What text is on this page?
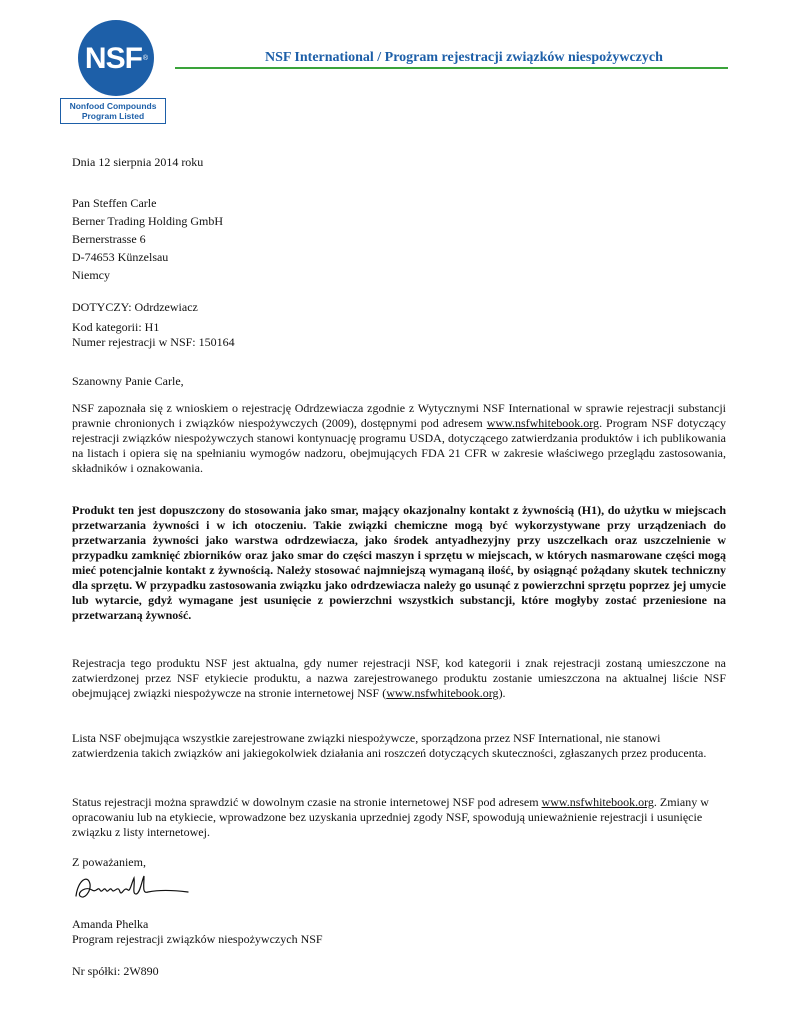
NSF ®
Nonfood Compounds
Program Listed
NSF International / Program rejestracji związków niespożywczych
Dnia 12 sierpnia 2014 roku
Pan Steffen Carle
Berner Trading Holding GmbH
Bernerstrasse 6
D-74653 Künzelsau
Niemcy
DOTYCZY: Odrdzewiacz
Kod kategorii: H1
Numer rejestracji w NSF: 150164
Szanowny Panie Carle,
NSF zapoznała się z wnioskiem o rejestrację Odrdzewiacza zgodnie z Wytycznymi NSF International w sprawie rejestracji substancji prawnie chronionych i związków niespożywczych (2009), dostępnymi pod adresem www.nsfwhitebook.org. Program NSF dotyczący rejestracji związków niespożywczych stanowi kontynuację programu USDA, dotyczącego zatwierdzania produktów i ich publikowania na listach i opiera się na spełnianiu wymogów nadzoru, obejmujących FDA 21 CFR w zakresie właściwego przeglądu zastosowania, składników i oznakowania.
Produkt ten jest dopuszczony do stosowania jako smar, mający okazjonalny kontakt z żywnością (H1), do użytku w miejscach przetwarzania żywności i w ich otoczeniu. Takie związki chemiczne mogą być wykorzystywane przy urządzeniach do przetwarzania żywności jako warstwa odrdzewiacza, jako środek antyadhezyjny przy uszczelkach oraz uszczelnienie w przypadku zamknięć zbiorników oraz jako smar do części maszyn i sprzętu w miejscach, w których nasmarowane części mogą mieć potencjalnie kontakt z żywnością. Należy stosować najmniejszą wymaganą ilość, by osiągnąć pożądany skutek techniczny dla sprzętu. W przypadku zastosowania związku jako odrdzewiacza należy go usunąć z powierzchni sprzętu poprzez jej umycie lub wytarcie, gdyż wymagane jest usunięcie z powierzchni wszystkich substancji, które mogłyby zostać przeniesione na przetwarzaną żywność.
Rejestracja tego produktu NSF jest aktualna, gdy numer rejestracji NSF, kod kategorii i znak rejestracji zostaną umieszczone na zatwierdzonej przez NSF etykiecie produktu, a nazwa zarejestrowanego produktu zostanie umieszczona na aktualnej liście NSF obejmującej związki niespożywcze na stronie internetowej NSF (www.nsfwhitebook.org).
Lista NSF obejmująca wszystkie zarejestrowane związki niespożywcze, sporządzona przez NSF International, nie stanowi zatwierdzenia takich związków ani jakiegokolwiek działania ani roszczeń dotyczących skuteczności, zgłaszanych przez producenta.
Status rejestracji można sprawdzić w dowolnym czasie na stronie internetowej NSF pod adresem www.nsfwhitebook.org. Zmiany w opracowaniu lub na etykiecie, wprowadzone bez uzyskania uprzedniej zgody NSF, spowodują unieważnienie rejestracji i usunięcie związku z listy internetowej.
Z poważaniem,
Amanda Phelka
Program rejestracji związków niespożywczych NSF
Nr spółki: 2W890
